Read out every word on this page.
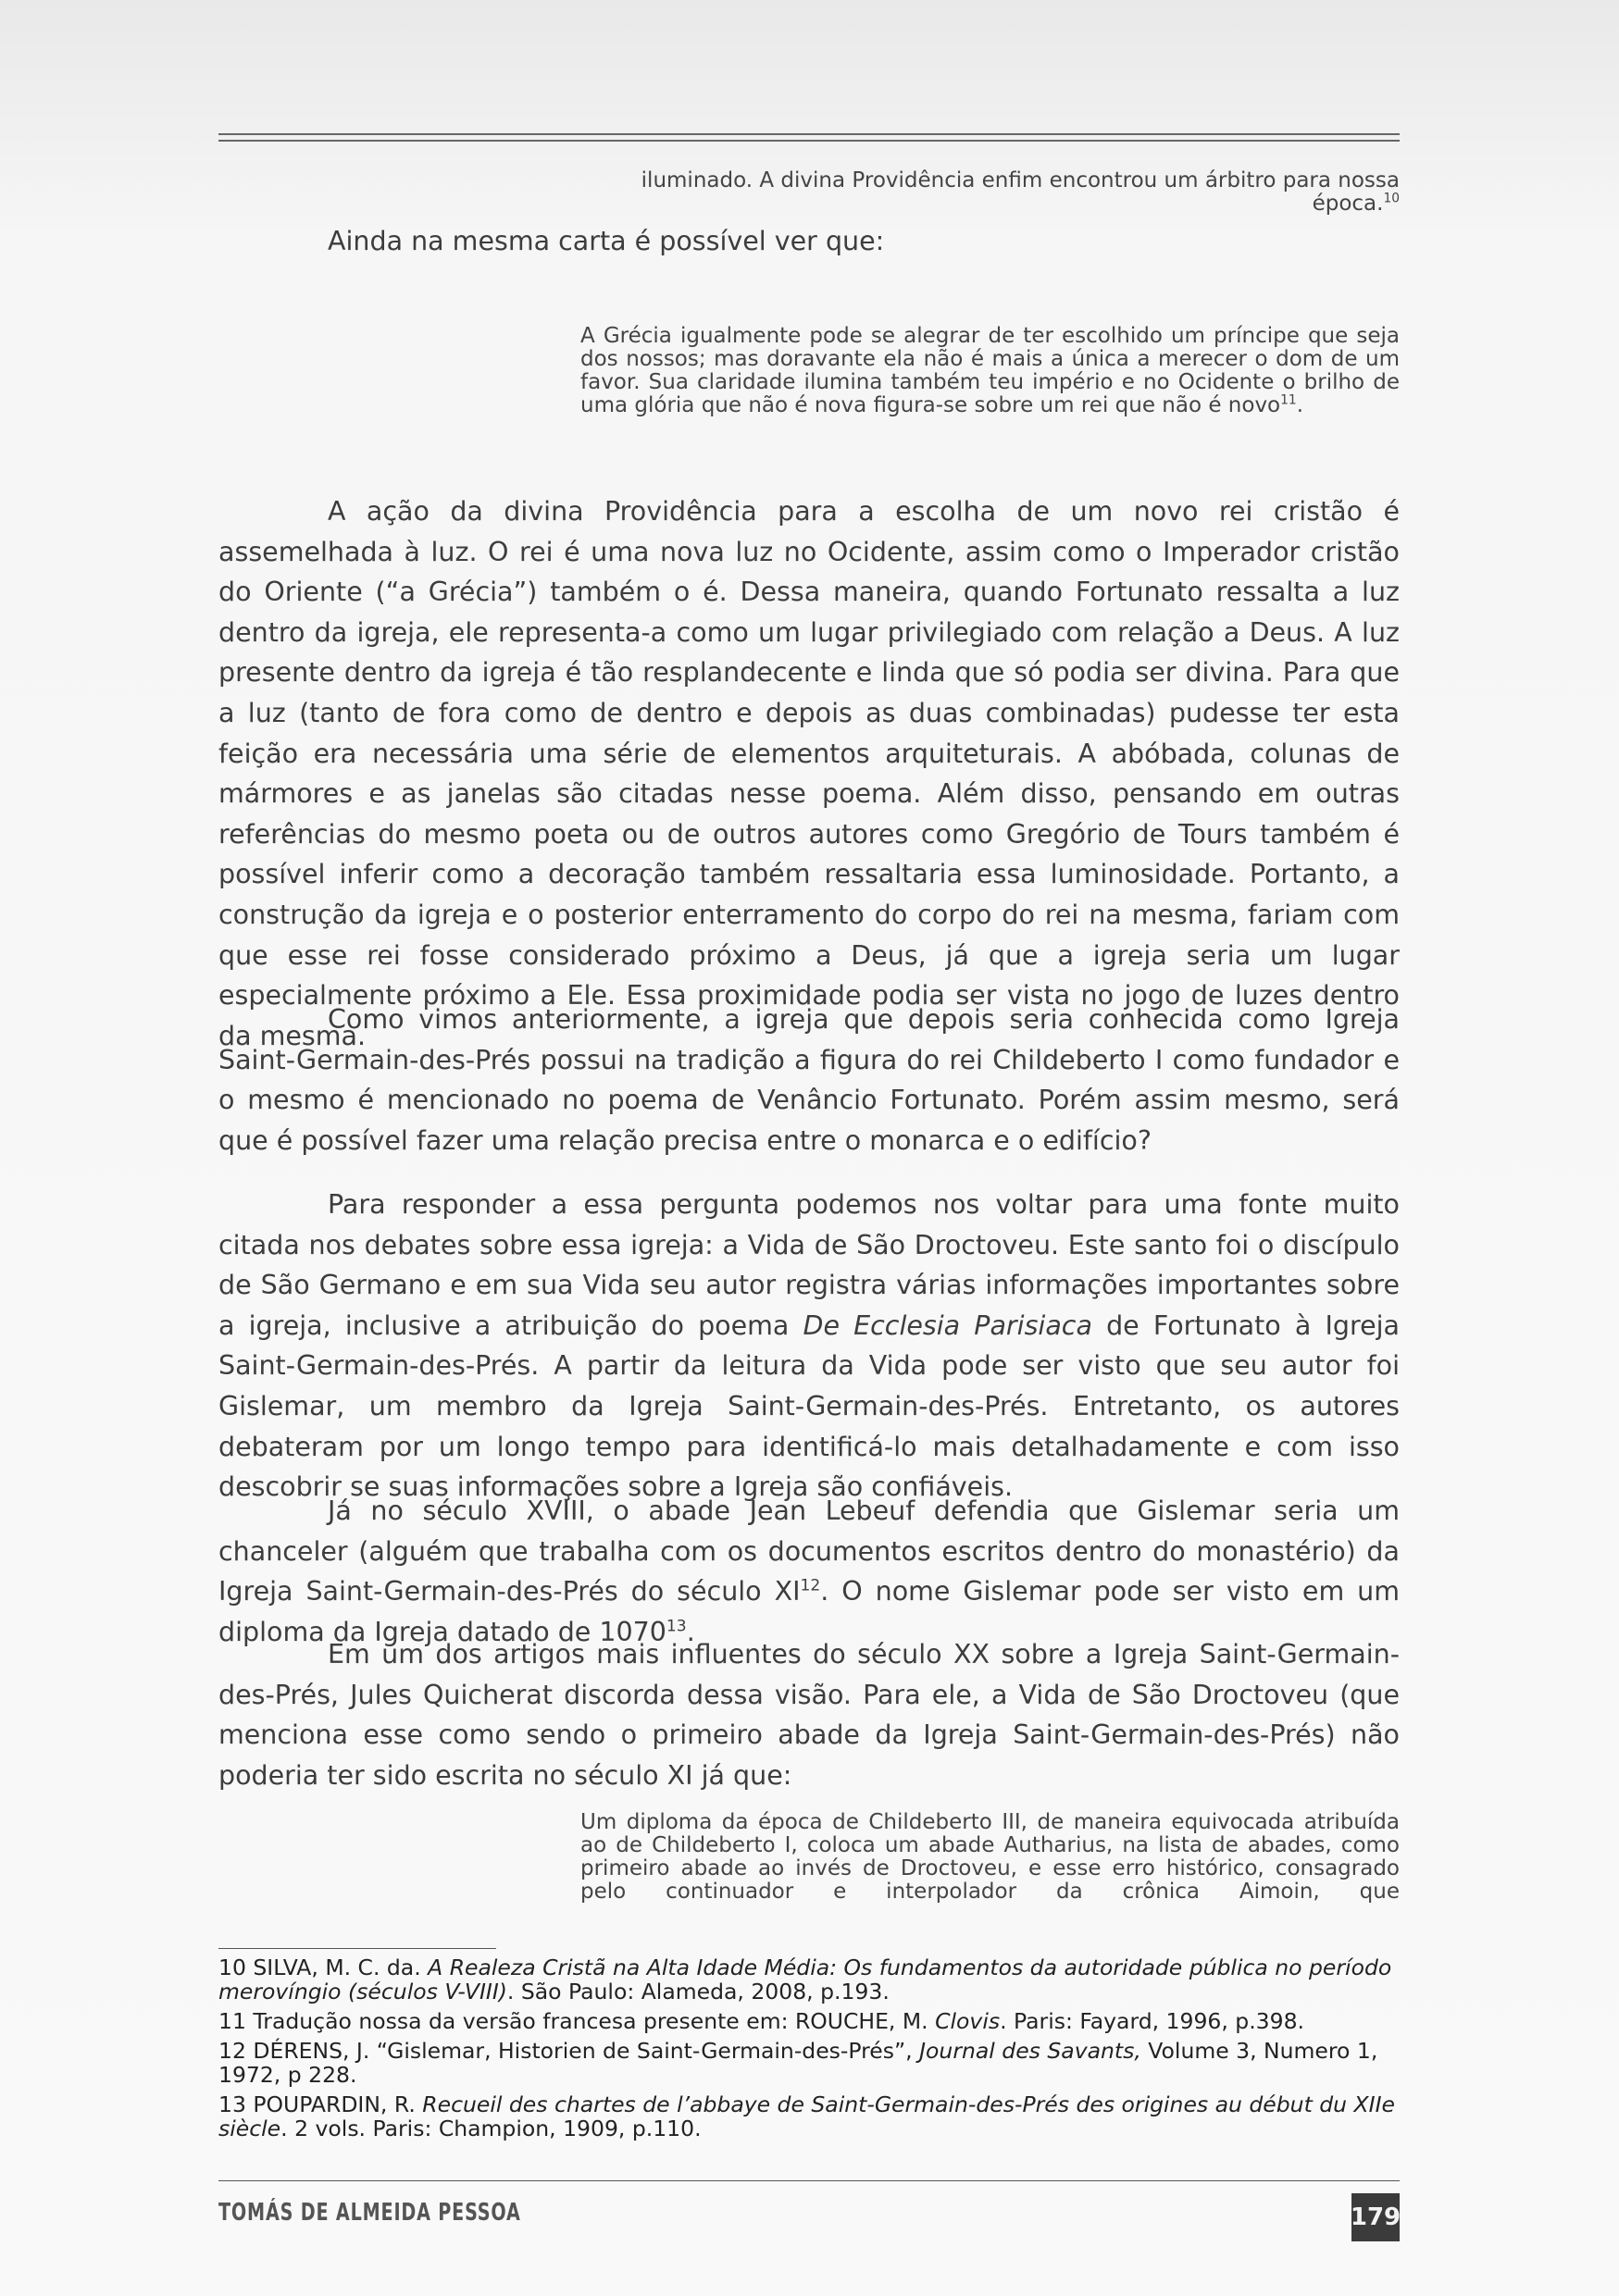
iluminado. A divina Providência enfim encontrou um árbitro para nossa época.$^{10}$

Ainda na mesma carta é possível ver que:

A Grécia igualmente pode se alegrar de ter escolhido um príncipe que seja dos nossos; mas doravante ela não é mais a única a merecer o dom de um favor. Sua claridade ilumina também teu império e no Ocidente o brilho de uma glória que não é nova figura-se sobre um rei que não é novo$^{11}$.

A ação da divina Providência para a escolha de um novo rei cristão é assemelhada à luz. O rei é uma nova luz no Ocidente, assim como o Imperador cristão do Oriente (“a Grécia”) também o é. Dessa maneira, quando Fortunato ressalta a luz dentro da igreja, ele representa-a como um lugar privilegiado com relação a Deus. A luz presente dentro da igreja é tão resplandecente e linda que só podia ser divina. Para que a luz (tanto de fora como de dentro e depois as duas combinadas) pudesse ter esta feição era necessária uma série de elementos arquiteturais. A abóbada, colunas de mármores e as janelas são citadas nesse poema. Além disso, pensando em outras referências do mesmo poeta ou de outros autores como Gregório de Tours também é possível inferir como a decoração também ressaltaria essa luminosidade. Portanto, a construção da igreja e o posterior enterramento do corpo do rei na mesma, fariam com que esse rei fosse considerado próximo a Deus, já que a igreja seria um lugar especialmente próximo a Ele. Essa proximidade podia ser vista no jogo de luzes dentro da mesma.

Como vimos anteriormente, a igreja que depois seria conhecida como Igreja Saint-Germain-des-Prés possui na tradição a figura do rei Childeberto I como fundador e o mesmo é mencionado no poema de Venâncio Fortunato. Porém assim mesmo, será que é possível fazer uma relação precisa entre o monarca e o edifício?

Para responder a essa pergunta podemos nos voltar para uma fonte muito citada nos debates sobre essa igreja: a Vida de São Droctoveu. Este santo foi o discípulo de São Germano e em sua Vida seu autor registra várias informações importantes sobre a igreja, inclusive a atribuição do poema De Ecclesia Parisiaca de Fortunato à Igreja Saint-Germain-des-Prés. A partir da leitura da Vida pode ser visto que seu autor foi Gislemar, um membro da Igreja Saint-Germain-des-Prés. Entretanto, os autores debateram por um longo tempo para identificá-lo mais detalhadamente e com isso descobrir se suas informações sobre a Igreja são confiáveis.

Já no século XVIII, o abade Jean Lebeuf defendia que Gislemar seria um chanceler (alguém que trabalha com os documentos escritos dentro do monastério) da Igreja Saint-Germain-des-Prés do século XI$^{12}$. O nome Gislemar pode ser visto em um diploma da Igreja datado de 1070$^{13}$.

Em um dos artigos mais influentes do século XX sobre a Igreja Saint-Germain-des-Prés, Jules Quicherat discorda dessa visão. Para ele, a Vida de São Droctoveu (que menciona esse como sendo o primeiro abade da Igreja Saint-Germain-des-Prés) não poderia ter sido escrita no século XI já que:

Um diploma da época de Childeberto III, de maneira equivocada atribuída ao de Childeberto I, coloca um abade Autharius, na lista de abades, como primeiro abade ao invés de Droctoveu, e esse erro histórico, consagrado pelo continuador e interpolador da crônica Aimoin, que

10 SILVA, M. C. da. A Realeza Cristã na Alta Idade Média: Os fundamentos da autoridade pública no período merovíngio (séculos V-VIII). São Paulo: Alameda, 2008, p.193.

11 Tradução nossa da versão francesa presente em: ROUCHE, M. Clovis. Paris: Fayard, 1996, p.398.

12 DÉRENS, J. “Gislemar, Historien de Saint-Germain-des-Prés”, Journal des Savants, Volume 3, Numero 1, 1972, p 228.

13 POUPARDIN, R. Recueil des chartes de l’abbaye de Saint-Germain-des-Prés des origines au début du XIIe siècle. 2 vols. Paris: Champion, 1909, p.110.

TOMÁS DE ALMEIDA PESSOA	179
